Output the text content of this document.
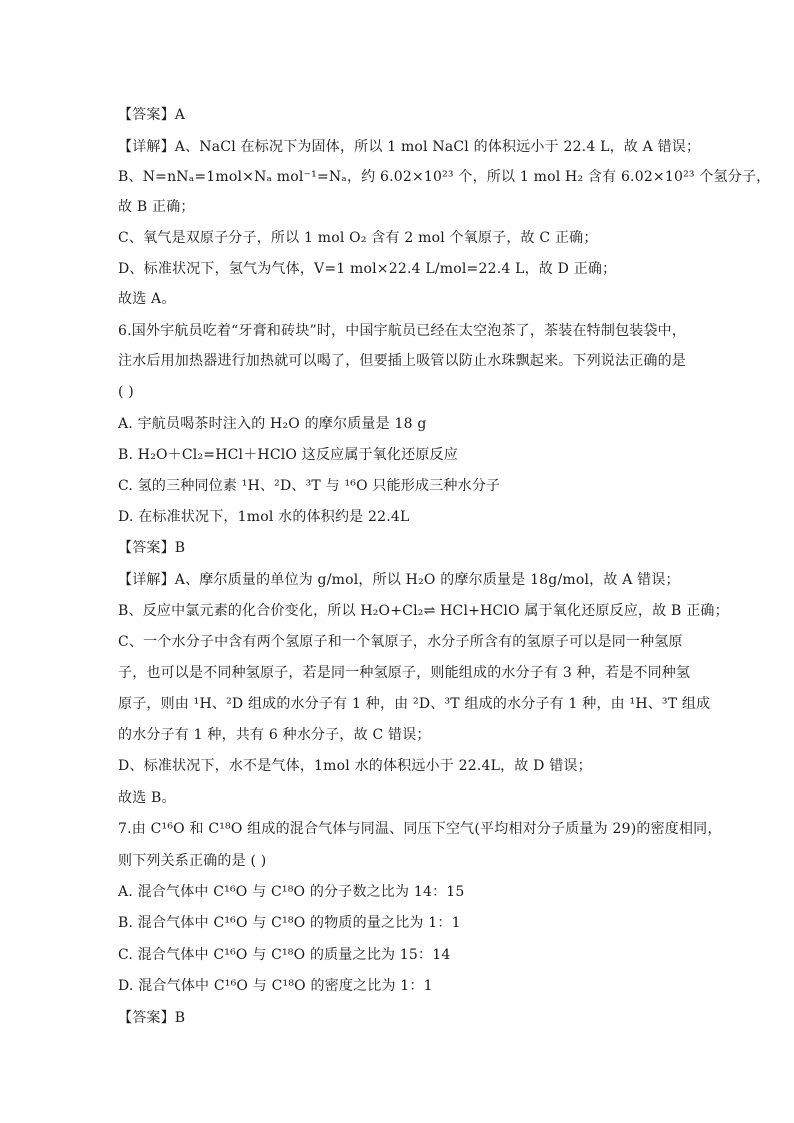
【答案】A
【详解】A、NaCl 在标况下为固体，所以 1 mol NaCl 的体积远小于 22.4 L，故 A 错误；
B、N=nNₐ=1mol×Nₐ mol⁻¹=Nₐ，约 6.02×10²³ 个，所以 1 mol H₂ 含有 6.02×10²³ 个氢分子，
故 B 正确；
C、氧气是双原子分子，所以 1 mol O₂ 含有 2 mol 个氧原子，故 C 正确；
D、标准状况下，氢气为气体，V=1 mol×22.4 L/mol=22.4 L，故 D 正确；
故选 A。
6.国外宇航员吃着“牙膏和砖块”时，中国宇航员已经在太空泡茶了，茶装在特制包装袋中，
注水后用加热器进行加热就可以喝了，但要插上吸管以防止水珠飘起来。下列说法正确的是
( )
A. 宇航员喝茶时注入的 H₂O 的摩尔质量是 18 g
B. H₂O＋Cl₂=HCl＋HClO 这反应属于氧化还原反应
C. 氢的三种同位素 ¹H、²D、³T 与 ¹⁶O 只能形成三种水分子
D. 在标准状况下，1mol 水的体积约是 22.4L
【答案】B
【详解】A、摩尔质量的单位为 g/mol，所以 H₂O 的摩尔质量是 18g/mol，故 A 错误；
B、反应中氯元素的化合价变化，所以 H₂O+Cl₂⇌ HCl+HClO 属于氧化还原反应，故 B 正确；
C、一个水分子中含有两个氢原子和一个氧原子，水分子所含有的氢原子可以是同一种氢原
子，也可以是不同种氢原子，若是同一种氢原子，则能组成的水分子有 3 种，若是不同种氢
原子，则由 ¹H、²D 组成的水分子有 1 种，由 ²D、³T 组成的水分子有 1 种，由 ¹H、³T 组成
的水分子有 1 种，共有 6 种水分子，故 C 错误；
D、标准状况下，水不是气体，1mol 水的体积远小于 22.4L，故 D 错误；
故选 B。
7.由 C¹⁶O 和 C¹⁸O 组成的混合气体与同温、同压下空气(平均相对分子质量为 29)的密度相同，
则下列关系正确的是 ( )
A. 混合气体中 C¹⁶O 与 C¹⁸O 的分子数之比为 14：15
B. 混合气体中 C¹⁶O 与 C¹⁸O 的物质的量之比为 1：1
C. 混合气体中 C¹⁶O 与 C¹⁸O 的质量之比为 15：14
D. 混合气体中 C¹⁶O 与 C¹⁸O 的密度之比为 1：1
【答案】B
